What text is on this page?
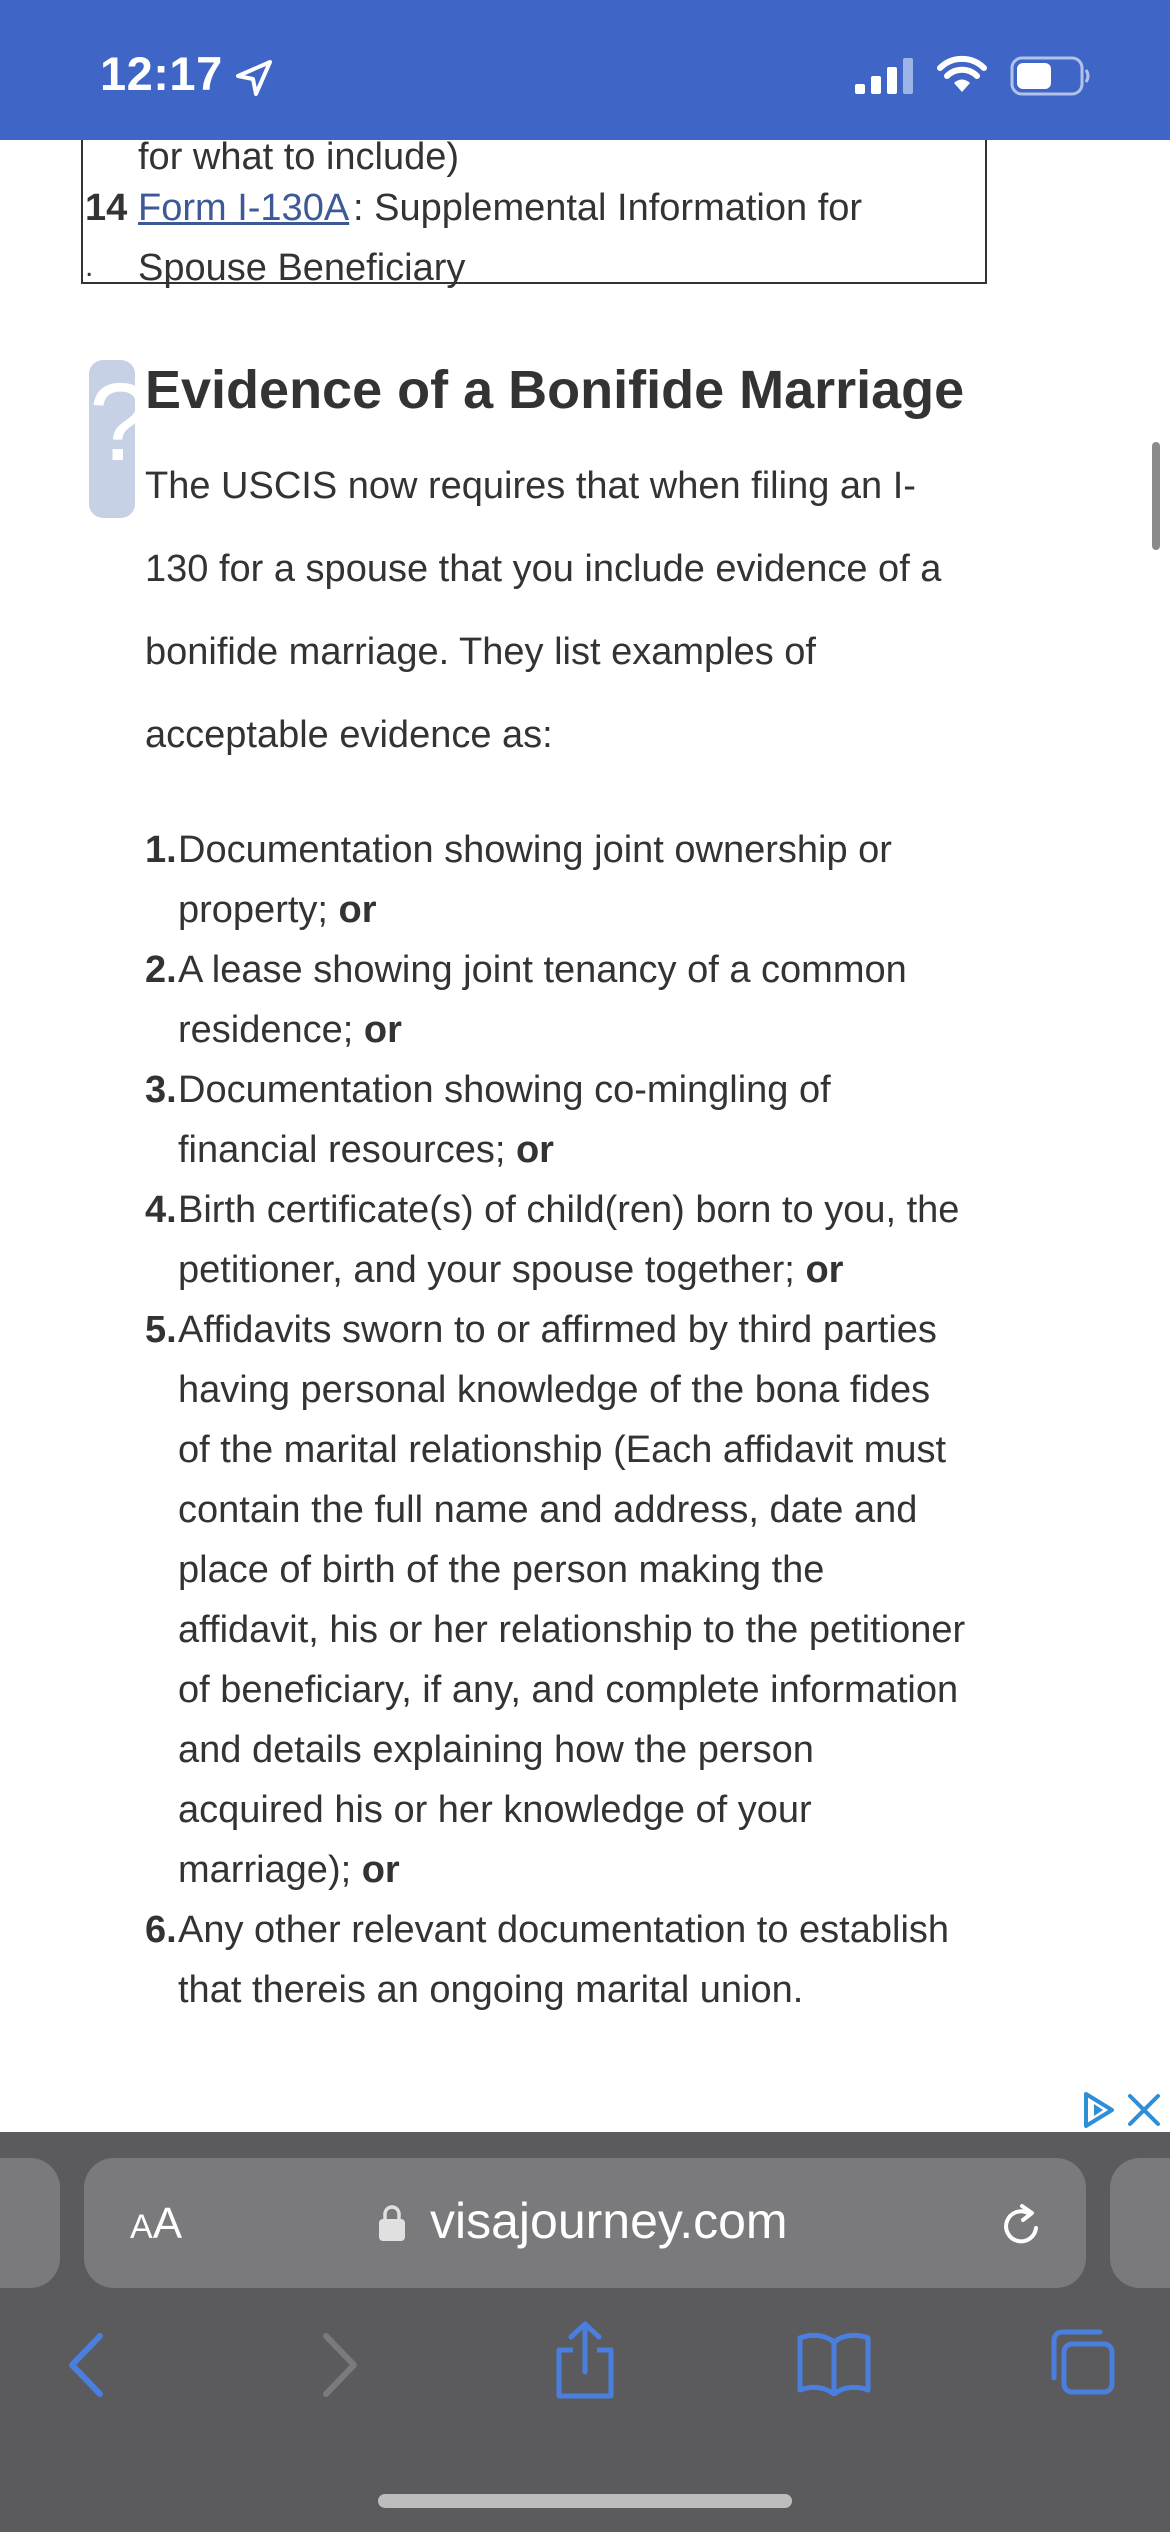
12:17
for what to include)
14 Form I-130A : Supplemental Information for
. Spouse Beneficiary
?
Evidence of a Bonifide Marriage

The USCIS now requires that when filing an I-
130 for a spouse that you include evidence of a
bonifide marriage. They list examples of
acceptable evidence as:

1. Documentation showing joint ownership or
property; or
2. A lease showing joint tenancy of a common
residence; or
3. Documentation showing co-mingling of
financial resources; or
4. Birth certificate(s) of child(ren) born to you, the
petitioner, and your spouse together; or
5. Affidavits sworn to or affirmed by third parties
having personal knowledge of the bona fides
of the marital relationship (Each affidavit must
contain the full name and address, date and
place of birth of the person making the
affidavit, his or her relationship to the petitioner
of beneficiary, if any, and complete information
and details explaining how the person
acquired his or her knowledge of your
marriage); or
6. Any other relevant documentation to establish
that thereis an ongoing marital union.
AA	visajourney.com
